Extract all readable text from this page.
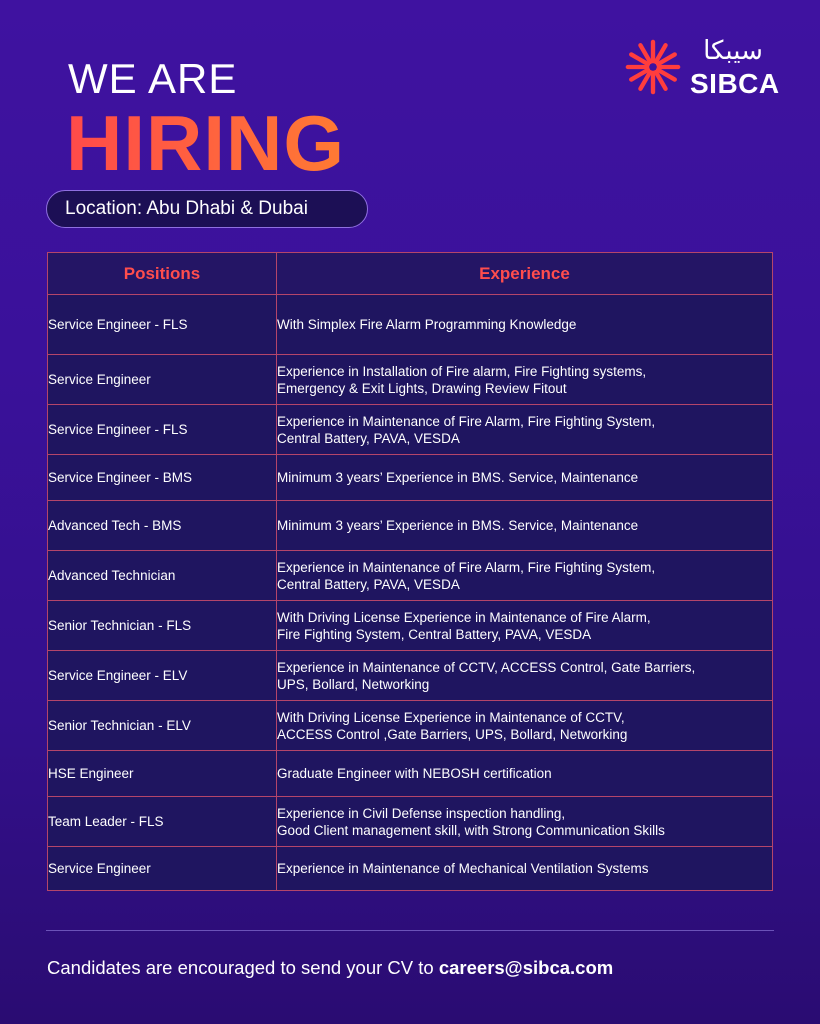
WE ARE
HIRING
Location: Abu Dhabi & Dubai
سيبكا
SIBCA
Positions	Experience
Service Engineer - FLS	With Simplex Fire Alarm Programming Knowledge

Service Engineer	Experience in Installation of Fire alarm, Fire Fighting systems,
Emergency & Exit Lights, Drawing Review Fitout

Service Engineer - FLS	Experience in Maintenance of Fire Alarm, Fire Fighting System,
Central Battery, PAVA, VESDA

Service Engineer - BMS	Minimum 3 years’ Experience in BMS. Service, Maintenance

Advanced Tech - BMS	Minimum 3 years’ Experience in BMS. Service, Maintenance

Advanced Technician	Experience in Maintenance of Fire Alarm, Fire Fighting System,
Central Battery, PAVA, VESDA

Senior Technician - FLS	With Driving License Experience in Maintenance of Fire Alarm,
Fire Fighting System, Central Battery, PAVA, VESDA

Service Engineer - ELV	Experience in Maintenance of CCTV, ACCESS Control, Gate Barriers,
UPS, Bollard, Networking

Senior Technician - ELV	With Driving License Experience in Maintenance of CCTV,
ACCESS Control ,Gate Barriers, UPS, Bollard, Networking

HSE Engineer	Graduate Engineer with NEBOSH certification

Team Leader - FLS	Experience in Civil Defense inspection handling,
Good Client management skill, with Strong Communication Skills

Service Engineer	Experience in Maintenance of Mechanical Ventilation Systems
Candidates are encouraged to send your CV to careers@sibca.com
